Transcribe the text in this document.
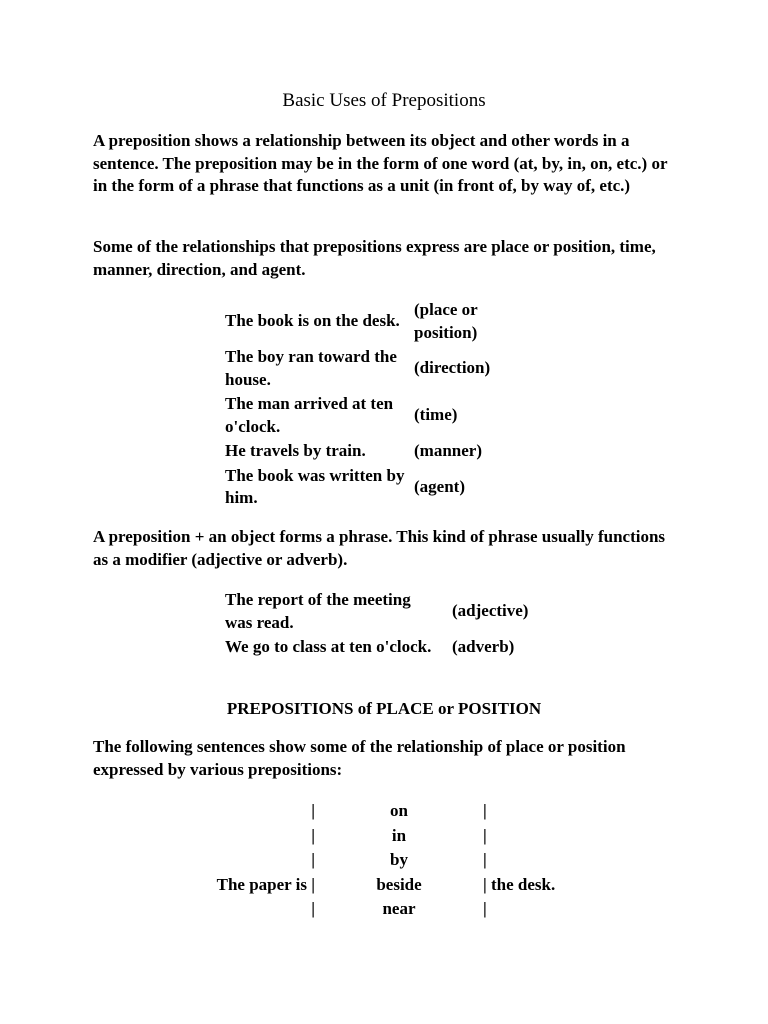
Basic Uses of Prepositions

A preposition shows a relationship between its object and other words in a sentence. The preposition may be in the form of one word (at, by, in, on, etc.) or in the form of a phrase that functions as a unit (in front of, by way of, etc.)

Some of the relationships that prepositions express are place or position, time, manner, direction, and agent.

The book is on the desk.	(place or position)
The boy ran toward the house.	(direction)
The man arrived at ten o'clock.	(time)
He travels by train.	(manner)
The book was written by him.	(agent)

A preposition + an object forms a phrase. This kind of phrase usually functions as a modifier (adjective or adverb).

The report of the meeting was read.	(adjective)
We go to class at ten o'clock.	(adverb)
PREPOSITIONS of PLACE or POSITION

The following sentences show some of the relationship of place or position expressed by various prepositions:

|	on	|
|	in	|
|	by	|
The paper is |	beside	| the desk.
|	near	|
